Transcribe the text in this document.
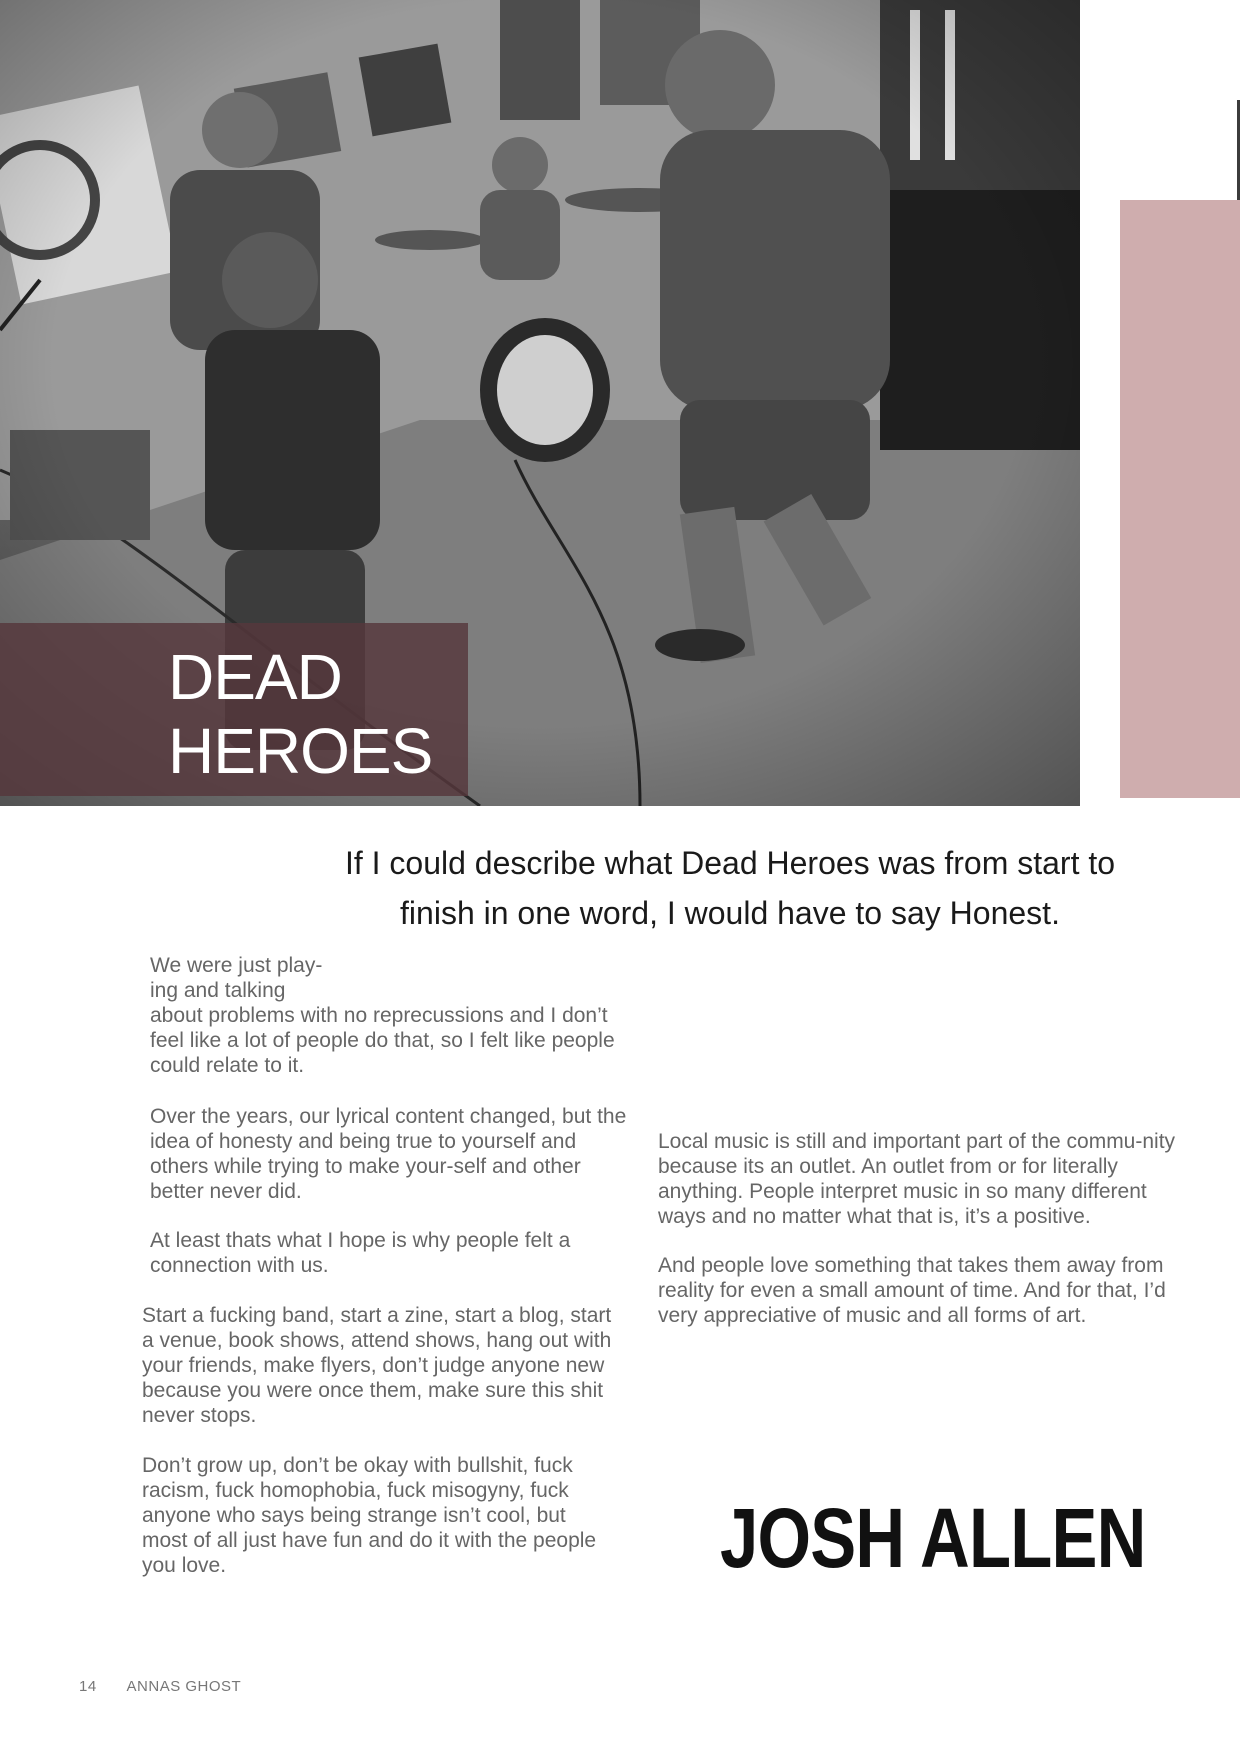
DEAD
HEROES

If I could describe what Dead Heroes was from start to finish in one word, I would have to say Honest.

We were just play-
ing and talking
about problems with no reprecussions and I don’t feel like a lot of people do that, so I felt like people could relate to it.

Over the years, our lyrical content changed, but the idea of honesty and being true to yourself and others while trying to make your-self and other better never did.

At least thats what I hope is why people felt a connection with us.

Start a fucking band, start a zine, start a blog, start a venue, book shows, attend shows, hang out with your friends, make flyers, don’t judge anyone new because you were once them, make sure this shit never stops.

Don’t grow up, don’t be okay with bullshit, fuck racism, fuck homophobia, fuck misogyny, fuck anyone who says being strange isn’t cool, but most of all just have fun and do it with the people you love.

Local music is still and important part of the commu-nity because its an outlet. An outlet from or for literally anything. People interpret music in so many different ways and no matter what that is, it’s a positive.

And people love something that takes them away from reality for even a small amount of time. And for that, I’d very appreciative of music and all forms of art.

JOSH ALLEN
14 ANNAS GHOST
